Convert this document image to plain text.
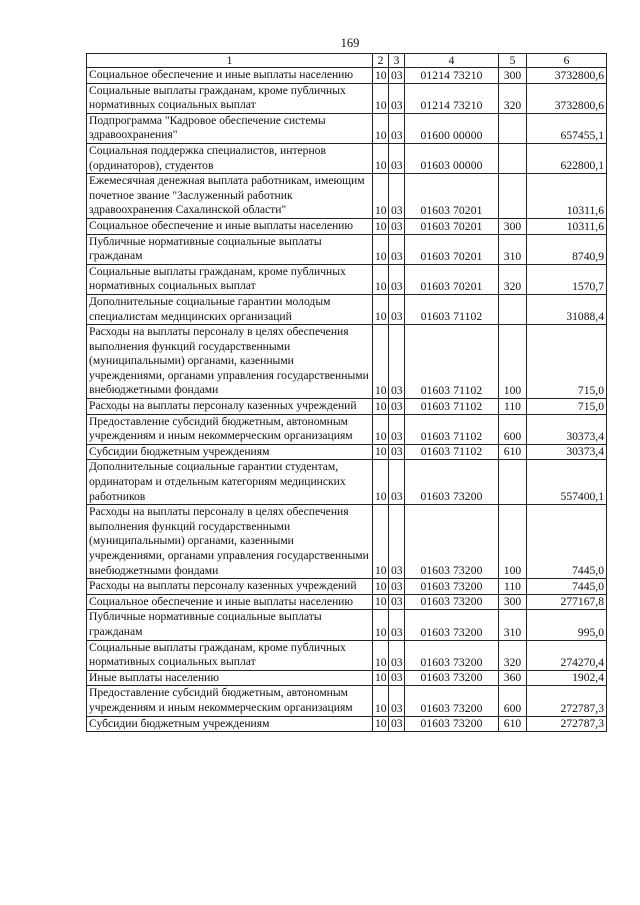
169
1	2	3	4	5	6
Социальное обеспечение и иные выплаты населению	10	03	01214 73210	300	3732800,6
Социальные выплаты гражданам, кроме публичных нормативных социальных выплат	10	03	01214 73210	320	3732800,6
Подпрограмма "Кадровое обеспечение системы здравоохранения"	10	03	01600 00000		657455,1
Социальная поддержка специалистов, интернов (ординаторов), студентов	10	03	01603 00000		622800,1
Ежемесячная денежная выплата работникам, имеющим почетное звание "Заслуженный работник здравоохранения Сахалинской области"	10	03	01603 70201		10311,6
Социальное обеспечение и иные выплаты населению	10	03	01603 70201	300	10311,6
Публичные нормативные социальные выплаты гражданам	10	03	01603 70201	310	8740,9
Социальные выплаты гражданам, кроме публичных нормативных социальных выплат	10	03	01603 70201	320	1570,7
Дополнительные социальные гарантии молодым специалистам медицинских организаций	10	03	01603 71102		31088,4
Расходы на выплаты персоналу в целях обеспечения выполнения функций государственными (муниципальными) органами, казенными учреждениями, органами управления государственными внебюджетными фондами	10	03	01603 71102	100	715,0
Расходы на выплаты персоналу казенных учреждений	10	03	01603 71102	110	715,0
Предоставление субсидий бюджетным, автономным учреждениям и иным некоммерческим организациям	10	03	01603 71102	600	30373,4
Субсидии бюджетным учреждениям	10	03	01603 71102	610	30373,4
Дополнительные социальные гарантии студентам, ординаторам и отдельным категориям медицинских работников	10	03	01603 73200		557400,1
Расходы на выплаты персоналу в целях обеспечения выполнения функций государственными (муниципальными) органами, казенными учреждениями, органами управления государственными внебюджетными фондами	10	03	01603 73200	100	7445,0
Расходы на выплаты персоналу казенных учреждений	10	03	01603 73200	110	7445,0
Социальное обеспечение и иные выплаты населению	10	03	01603 73200	300	277167,8
Публичные нормативные социальные выплаты гражданам	10	03	01603 73200	310	995,0
Социальные выплаты гражданам, кроме публичных нормативных социальных выплат	10	03	01603 73200	320	274270,4
Иные выплаты населению	10	03	01603 73200	360	1902,4
Предоставление субсидий бюджетным, автономным учреждениям и иным некоммерческим организациям	10	03	01603 73200	600	272787,3
Субсидии бюджетным учреждениям	10	03	01603 73200	610	272787,3
